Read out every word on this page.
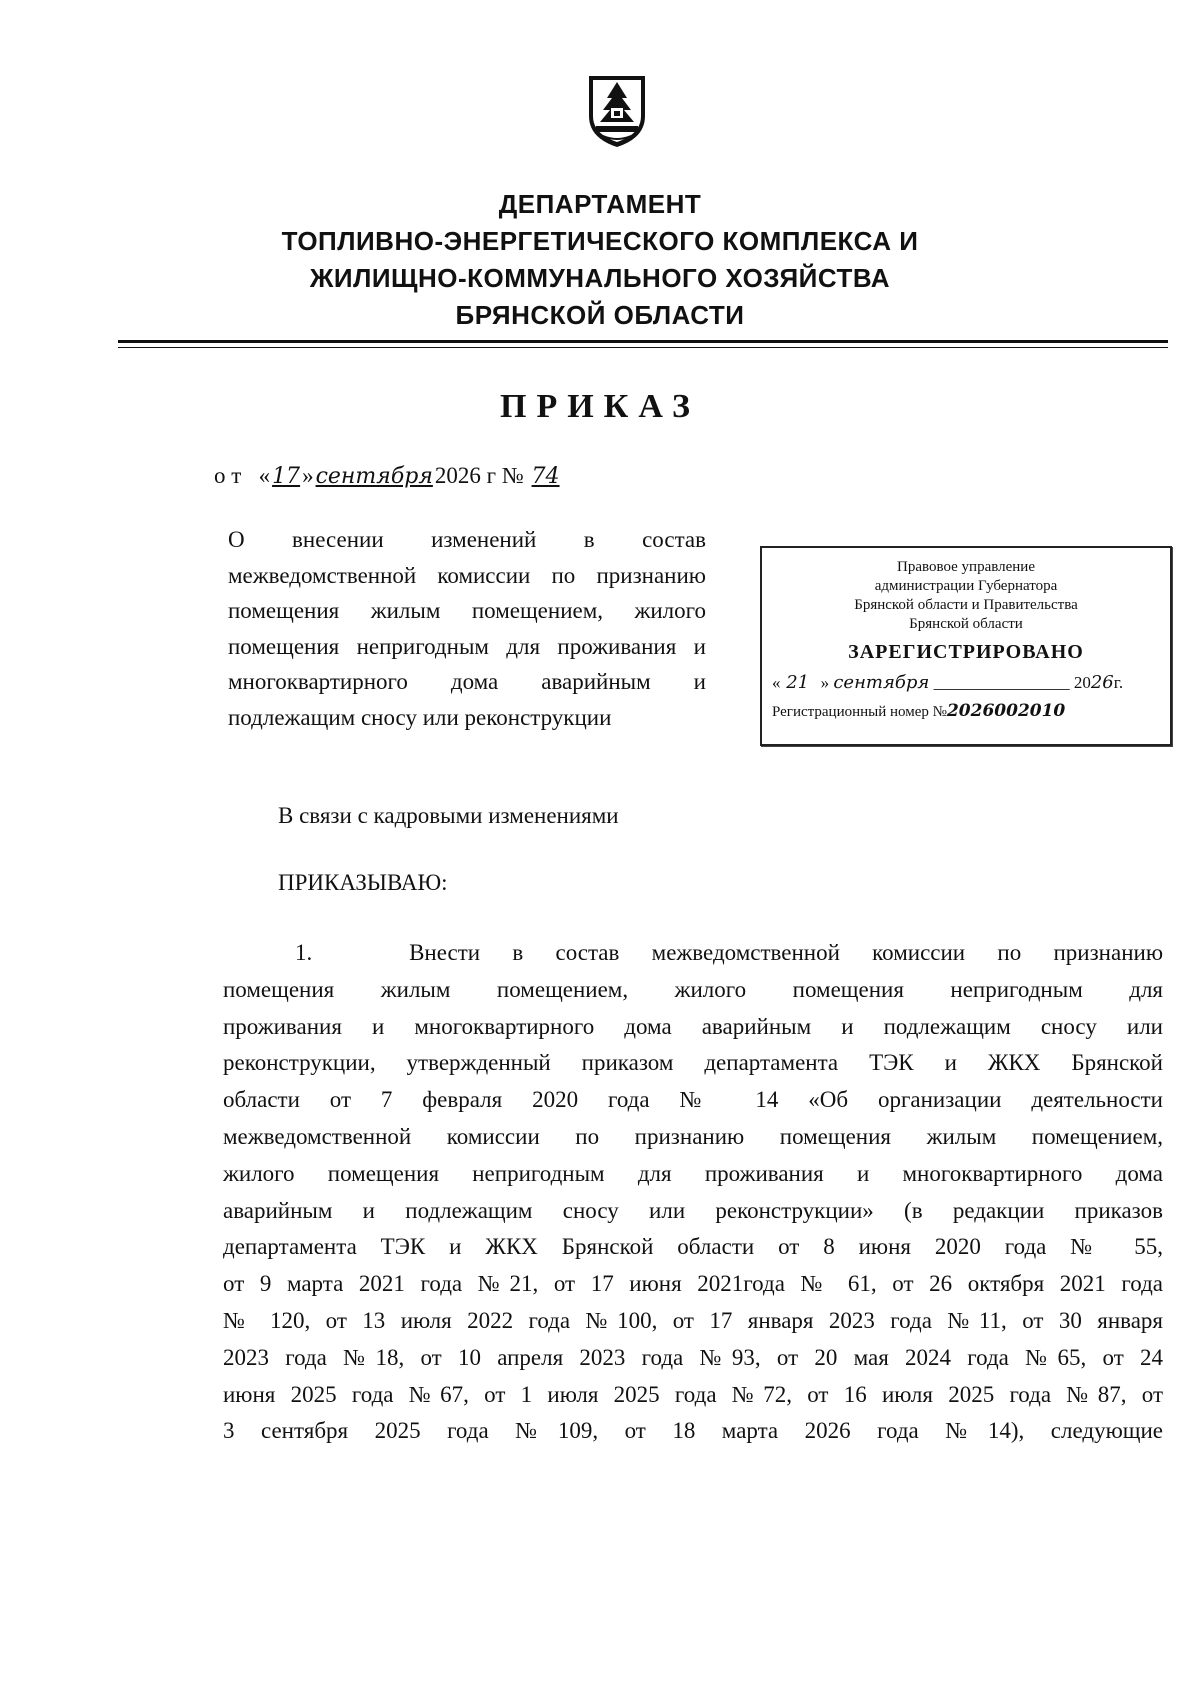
ДЕПАРТАМЕНТ
ТОПЛИВНО-ЭНЕРГЕТИЧЕСКОГО КОМПЛЕКСА И
ЖИЛИЩНО-КОММУНАЛЬНОГО ХОЗЯЙСТВА
БРЯНСКОЙ ОБЛАСТИ
ПРИКАЗ
о т «17»сентября2026 г № 74
О внесении изменений в состав межведомственной комиссии по признанию помещения жилым помещением, жилого помещения непригодным для проживания и многоквартирного дома аварийным и подлежащим сносу или реконструкции
Правовое управление
администрации Губернатора
Брянской области и Правительства
Брянской области
ЗАРЕГИСТРИРОВАНО
« 21 » сентября ________________ 2026г.
Регистрационный номер №2026002010
В связи с кадровыми изменениями
ПРИКАЗЫВАЮ:
1.	Внести в состав межведомственной комиссии по признанию
помещения жилым помещением, жилого помещения непригодным для
проживания и многоквартирного дома аварийным и подлежащим сносу или
реконструкции, утвержденный приказом департамента ТЭК и ЖКХ Брянской
области от 7 февраля 2020 года № 14 «Об организации деятельности
межведомственной комиссии по признанию помещения жилым помещением,
жилого помещения непригодным для проживания и многоквартирного дома
аварийным и подлежащим сносу или реконструкции» (в редакции приказов
департамента ТЭК и ЖКХ Брянской области от 8 июня 2020 года № 55,
от 9 марта 2021 года №21, от 17 июня 2021года № 61, от 26 октября 2021 года
№ 120, от 13 июля 2022 года №100, от 17 января 2023 года №11, от 30 января
2023 года №18, от 10 апреля 2023 года №93, от 20 мая 2024 года №65, от 24
июня 2025 года №67, от 1 июля 2025 года №72, от 16 июля 2025 года №87, от
3 сентября 2025 года №109, от 18 марта 2026 года №14), следующие
